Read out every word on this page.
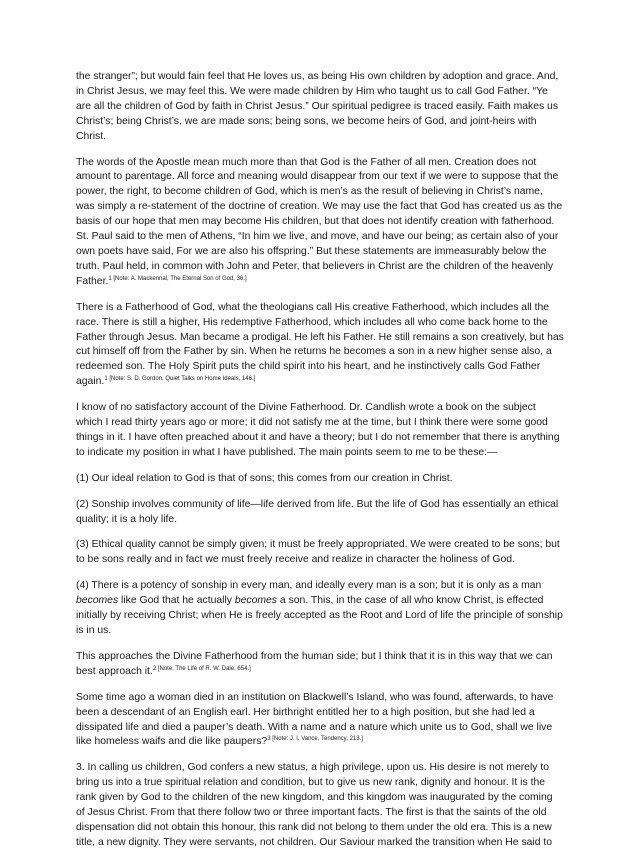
the stranger”; but would fain feel that He loves us, as being His own children by adoption and grace. And, in Christ Jesus, we may feel this. We were made children by Him who taught us to call God Father. “Ye are all the children of God by faith in Christ Jesus.” Our spiritual pedigree is traced easily. Faith makes us Christ’s; being Christ’s, we are made sons; being sons, we become heirs of God, and joint-heirs with Christ.

The words of the Apostle mean much more than that God is the Father of all men. Creation does not amount to parentage. All force and meaning would disappear from our text if we were to suppose that the power, the right, to become children of God, which is men’s as the result of believing in Christ’s name, was simply a re-statement of the doctrine of creation. We may use the fact that God has created us as the basis of our hope that men may become His children, but that does not identify creation with fatherhood. St. Paul said to the men of Athens, “In him we live, and move, and have our being; as certain also of your own poets have said, For we are also his offspring.” But these statements are immeasurably below the truth. Paul held, in common with John and Peter, that believers in Christ are the children of the heavenly Father.$^{1 [Note: A. Mackennal, The Eternal Son of God, 36.]}$

There is a Fatherhood of God, what the theologians call His creative Fatherhood, which includes all the race. There is still a higher, His redemptive Fatherhood, which includes all who come back home to the Father through Jesus. Man became a prodigal. He left his Father. He still remains a son creatively, but has cut himself off from the Father by sin. When he returns he becomes a son in a new higher sense also, a redeemed son. The Holy Spirit puts the child spirit into his heart, and he instinctively calls God Father again.$^{1 [Note: S. D. Gordon, Quiet Talks on Home Ideals, 146.]}$

I know of no satisfactory account of the Divine Fatherhood. Dr. Candlish wrote a book on the subject which I read thirty years ago or more; it did not satisfy me at the time, but I think there were some good things in it. I have often preached about it and have a theory; but I do not remember that there is anything to indicate my position in what I have published. The main points seem to me to be these:—

(1) Our ideal relation to God is that of sons; this comes from our creation in Christ.

(2) Sonship involves community of life—life derived from life. But the life of God has essentially an ethical quality; it is a holy life.

(3) Ethical quality cannot be simply given; it must be freely appropriated. We were created to be sons; but to be sons really and in fact we must freely receive and realize in character the holiness of God.

(4) There is a potency of sonship in every man, and ideally every man is a son; but it is only as a man becomes like God that he actually becomes a son. This, in the case of all who know Christ, is effected initially by receiving Christ; when He is freely accepted as the Root and Lord of life the principle of sonship is in us.

This approaches the Divine Fatherhood from the human side; but I think that it is in this way that we can best approach it.$^{2 [Note: The Life of R. W. Dale, 654.]}$

Some time ago a woman died in an institution on Blackwell’s Island, who was found, afterwards, to have been a descendant of an English earl. Her birthright entitled her to a high position, but she had led a dissipated life and died a pauper’s death. With a name and a nature which unite us to God, shall we live like homeless waifs and die like paupers?$^{3 [Note: J. I. Vance, Tendency, 213.]}$

3. In calling us children, God confers a new status, a high privilege, upon us. His desire is not merely to bring us into a true spiritual relation and condition, but to give us new rank, dignity and honour. It is the rank given by God to the children of the new kingdom, and this kingdom was inaugurated by the coming of Jesus Christ. From that there follow two or three important facts. The first is that the saints of the old dispensation did not obtain this honour, this rank did not belong to them under the old era. This is a new title, a new dignity. They were servants, not children. Our Saviour marked the transition when He said to
